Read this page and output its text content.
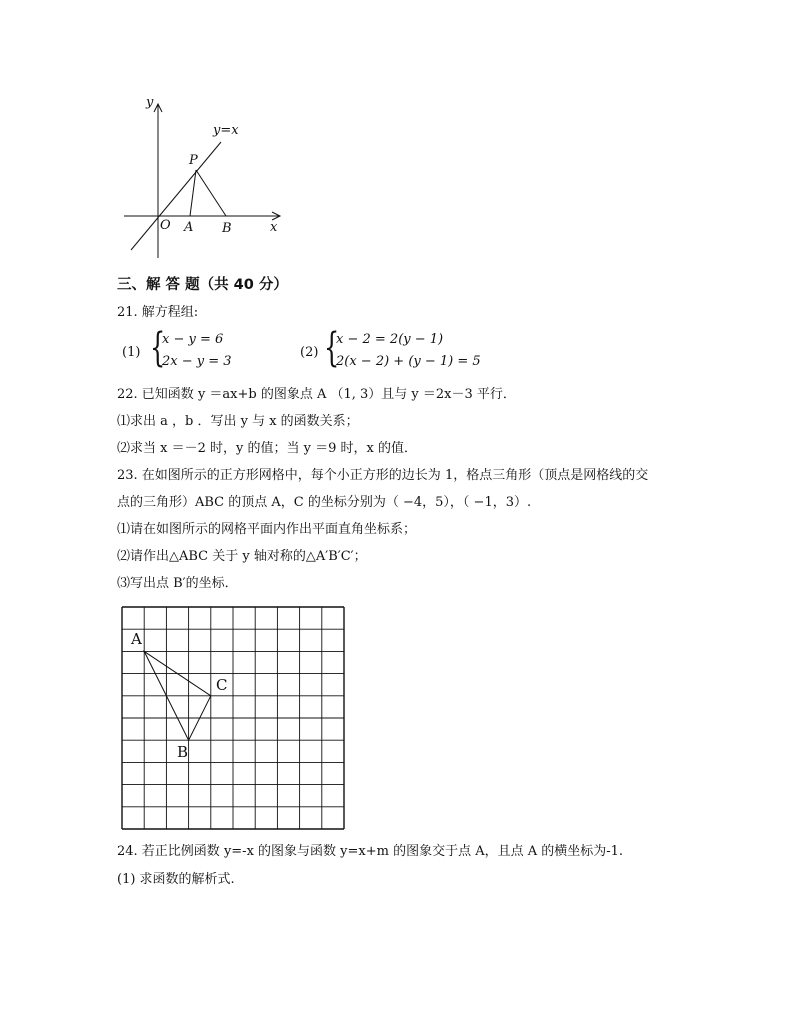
y
x
y=x
P
O A B
三、解 答 题（共 40 分）
21. 解方程组:
(1) {
x − y = 6
2x − y = 3
(2) {
x − 2 = 2(y − 1)
2(x − 2) + (y − 1) = 5
22. 已知函数 y ＝ax+b 的图象点 A （1, 3）且与 y ＝2x－3 平行．
⑴求出 a ，b ．写出 y 与 x 的函数关系；
⑵求当 x ＝－2 时，y 的值；当 y ＝9 时，x 的值．
23. 在如图所示的正方形网格中，每个小正方形的边长为 1，格点三角形（顶点是网格线的交
点的三角形）ABC 的顶点 A，C 的坐标分别为（ −4，5），（ −1，3）.
⑴请在如图所示的网格平面内作出平面直角坐标系；
⑵请作出△ABC 关于 y 轴对称的△A′B′C′；
⑶写出点 B′的坐标．
A
C
B
24. 若正比例函数 y=-x 的图象与函数 y=x+m 的图象交于点 A，且点 A 的横坐标为-1.
(1) 求函数的解析式.
